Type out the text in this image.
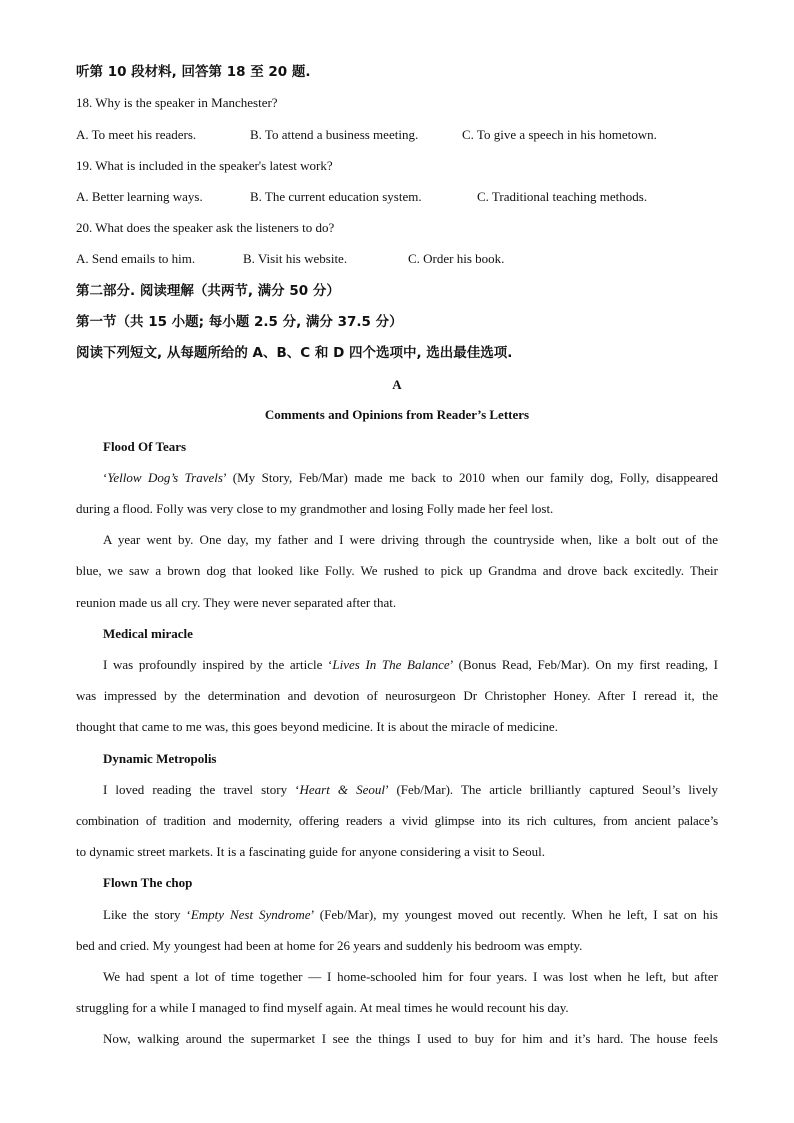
听第 10 段材料, 回答第 18 至 20 题.
18. Why is the speaker in Manchester?
A. To meet his readers.	B. To attend a business meeting.	C. To give a speech in his hometown.
19. What is included in the speaker's latest work?
A. Better learning ways.	B. The current education system.	C. Traditional teaching methods.
20. What does the speaker ask the listeners to do?
A. Send emails to him.	B. Visit his website.	C. Order his book.
第二部分. 阅读理解（共两节, 满分 50 分）
第一节（共 15 小题; 每小题 2.5 分, 满分 37.5 分）
阅读下列短文, 从每题所给的 A、B、C 和 D 四个选项中, 选出最佳选项.
A
Comments and Opinions from Reader’s Letters
Flood Of Tears
‘Yellow Dog’s Travels’ (My Story, Feb/Mar) made me back to 2010 when our family dog, Folly, disappeared
during a flood. Folly was very close to my grandmother and losing Folly made her feel lost.
A year went by. One day, my father and I were driving through the countryside when, like a bolt out of the
blue, we saw a brown dog that looked like Folly. We rushed to pick up Grandma and drove back excitedly. Their
reunion made us all cry. They were never separated after that.
Medical miracle
I was profoundly inspired by the article ‘Lives In The Balance’ (Bonus Read, Feb/Mar). On my first reading, I
was impressed by the determination and devotion of neurosurgeon Dr Christopher Honey. After I reread it, the
thought that came to me was, this goes beyond medicine. It is about the miracle of medicine.
Dynamic Metropolis
I loved reading the travel story ‘Heart & Seoul’ (Feb/Mar). The article brilliantly captured Seoul’s lively
combination of tradition and modernity, offering readers a vivid glimpse into its rich cultures, from ancient palace’s
to dynamic street markets. It is a fascinating guide for anyone considering a visit to Seoul.
Flown The chop
Like the story ‘Empty Nest Syndrome’ (Feb/Mar), my youngest moved out recently. When he left, I sat on his
bed and cried. My youngest had been at home for 26 years and suddenly his bedroom was empty.
We had spent a lot of time together — I home-schooled him for four years. I was lost when he left, but after
struggling for a while I managed to find myself again. At meal times he would recount his day.
Now, walking around the supermarket I see the things I used to buy for him and it’s hard. The house feels
